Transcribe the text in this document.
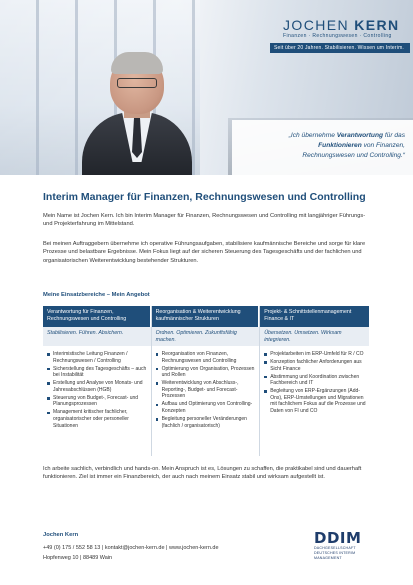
JOCHEN KERN
Finanzen · Rechnungswesen · Controlling
Seit über 20 Jahren. Stabilisieren. Wissen um Interim.
„Ich übernehme Verantwortung für das
Funktionieren von Finanzen,
Rechnungswesen und Controlling.“
Interim Manager für Finanzen, Rechnungswesen und Controlling

Mein Name ist Jochen Kern. Ich bin Interim Manager für Finanzen, Rechnungswesen und Controlling mit langjähriger Führungs- und Projekterfahrung im Mittelstand.

Bei meinen Auftraggebern übernehme ich operative Führungsaufgaben, stabilisiere kaufmännische Bereiche und sorge für klare Prozesse und belastbare Ergebnisse. Mein Fokus liegt auf der sicheren Steuerung des Tagesgeschäfts und der fachlichen und organisatorischen Weiterentwicklung bestehender Strukturen.

Meine Einsatzbereiche – Mein Angebot
Verantwortung für Finanzen, Rechnungswesen und Controlling
Stabilisieren. Führen. Absichern.
Interimistische Leitung Finanzen / Rechnungswesen / Controlling
Sicherstellung des Tagesgeschäfts – auch bei Instabilität
Erstellung und Analyse von Monats- und Jahresabschlüssen (HGB)
Steuerung von Budget-, Forecast- und Planungsprozessen
Management kritischer fachlicher, organisatorischer oder personeller Situationen
Reorganisation & Weiterentwicklung kaufmännischer Strukturen
Ordnen. Optimieren. Zukunftsfähig machen.
Reorganisation von Finanzen, Rechnungswesen und Controlling
Optimierung von Organisation, Prozessen und Rollen
Weiterentwicklung von Abschluss-, Reporting-, Budget- und Forecast-Prozessen
Aufbau und Optimierung von Controlling-Konzepten
Begleitung personeller Veränderungen (fachlich / organisatorisch)
Projekt- & Schnittstellenmanagement Finance & IT
Übersetzen. Umsetzen. Wirksam integrieren.
Projektarbeiten im ERP-Umfeld für R / CO
Konzeption fachlicher Anforderungen aus Sicht Finance
Abstimmung und Koordination zwischen Fachbereich und IT
Begleitung von ERP-Ergänzungen (Add-Ons), ERP-Umstellungen und Migrationen mit fachlichem Fokus auf die Prozesse und Daten von FI und CO

Ich arbeite sachlich, verbindlich und hands-on. Mein Anspruch ist es, Lösungen zu schaffen, die praktikabel sind und dauerhaft funktionieren. Ziel ist immer ein Finanzbereich, der auch nach meinem Einsatz stabil und wirksam aufgestellt ist.

Jochen Kern
+49 (0) 175 / 552 58 13 | kontakt@jochen-kern.de | www.jochen-kern.de
Hopfenweg 10 | 88489 Wain
DDIM
DACHGESELLSCHAFT DEUTSCHES INTERIM MANAGEMENT
